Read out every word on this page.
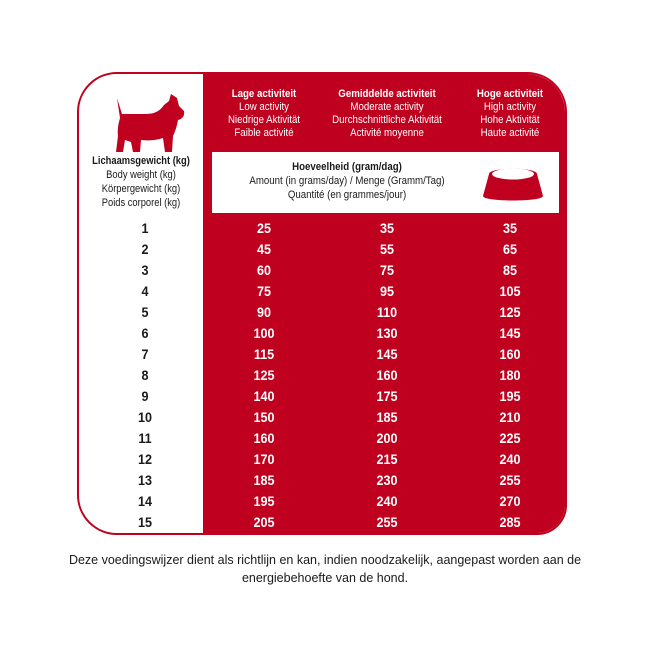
Lichaamsgewicht (kg)
Body weight (kg)
Körpergewicht (kg)
Poids corporel (kg)
Lage activiteit
Low activity
Niedrige Aktivität
Faible activité
Gemiddelde activiteit
Moderate activity
Durchschnittliche Aktivität
Activité moyenne
Hoge activiteit
High activity
Hohe Aktivität
Haute activité
Hoeveelheid (gram/dag)
Amount (in grams/day) / Menge (Gramm/Tag)
Quantité (en grammes/jour)
1	25	35	35
2	45	55	65
3	60	75	85
4	75	95	105
5	90	110	125
6	100	130	145
7	115	145	160
8	125	160	180
9	140	175	195
10	150	185	210
11	160	200	225
12	170	215	240
13	185	230	255
14	195	240	270
15	205	255	285
Deze voedingswijzer dient als richtlijn en kan, indien noodzakelijk, aangepast worden aan de energiebehoefte van de hond.
